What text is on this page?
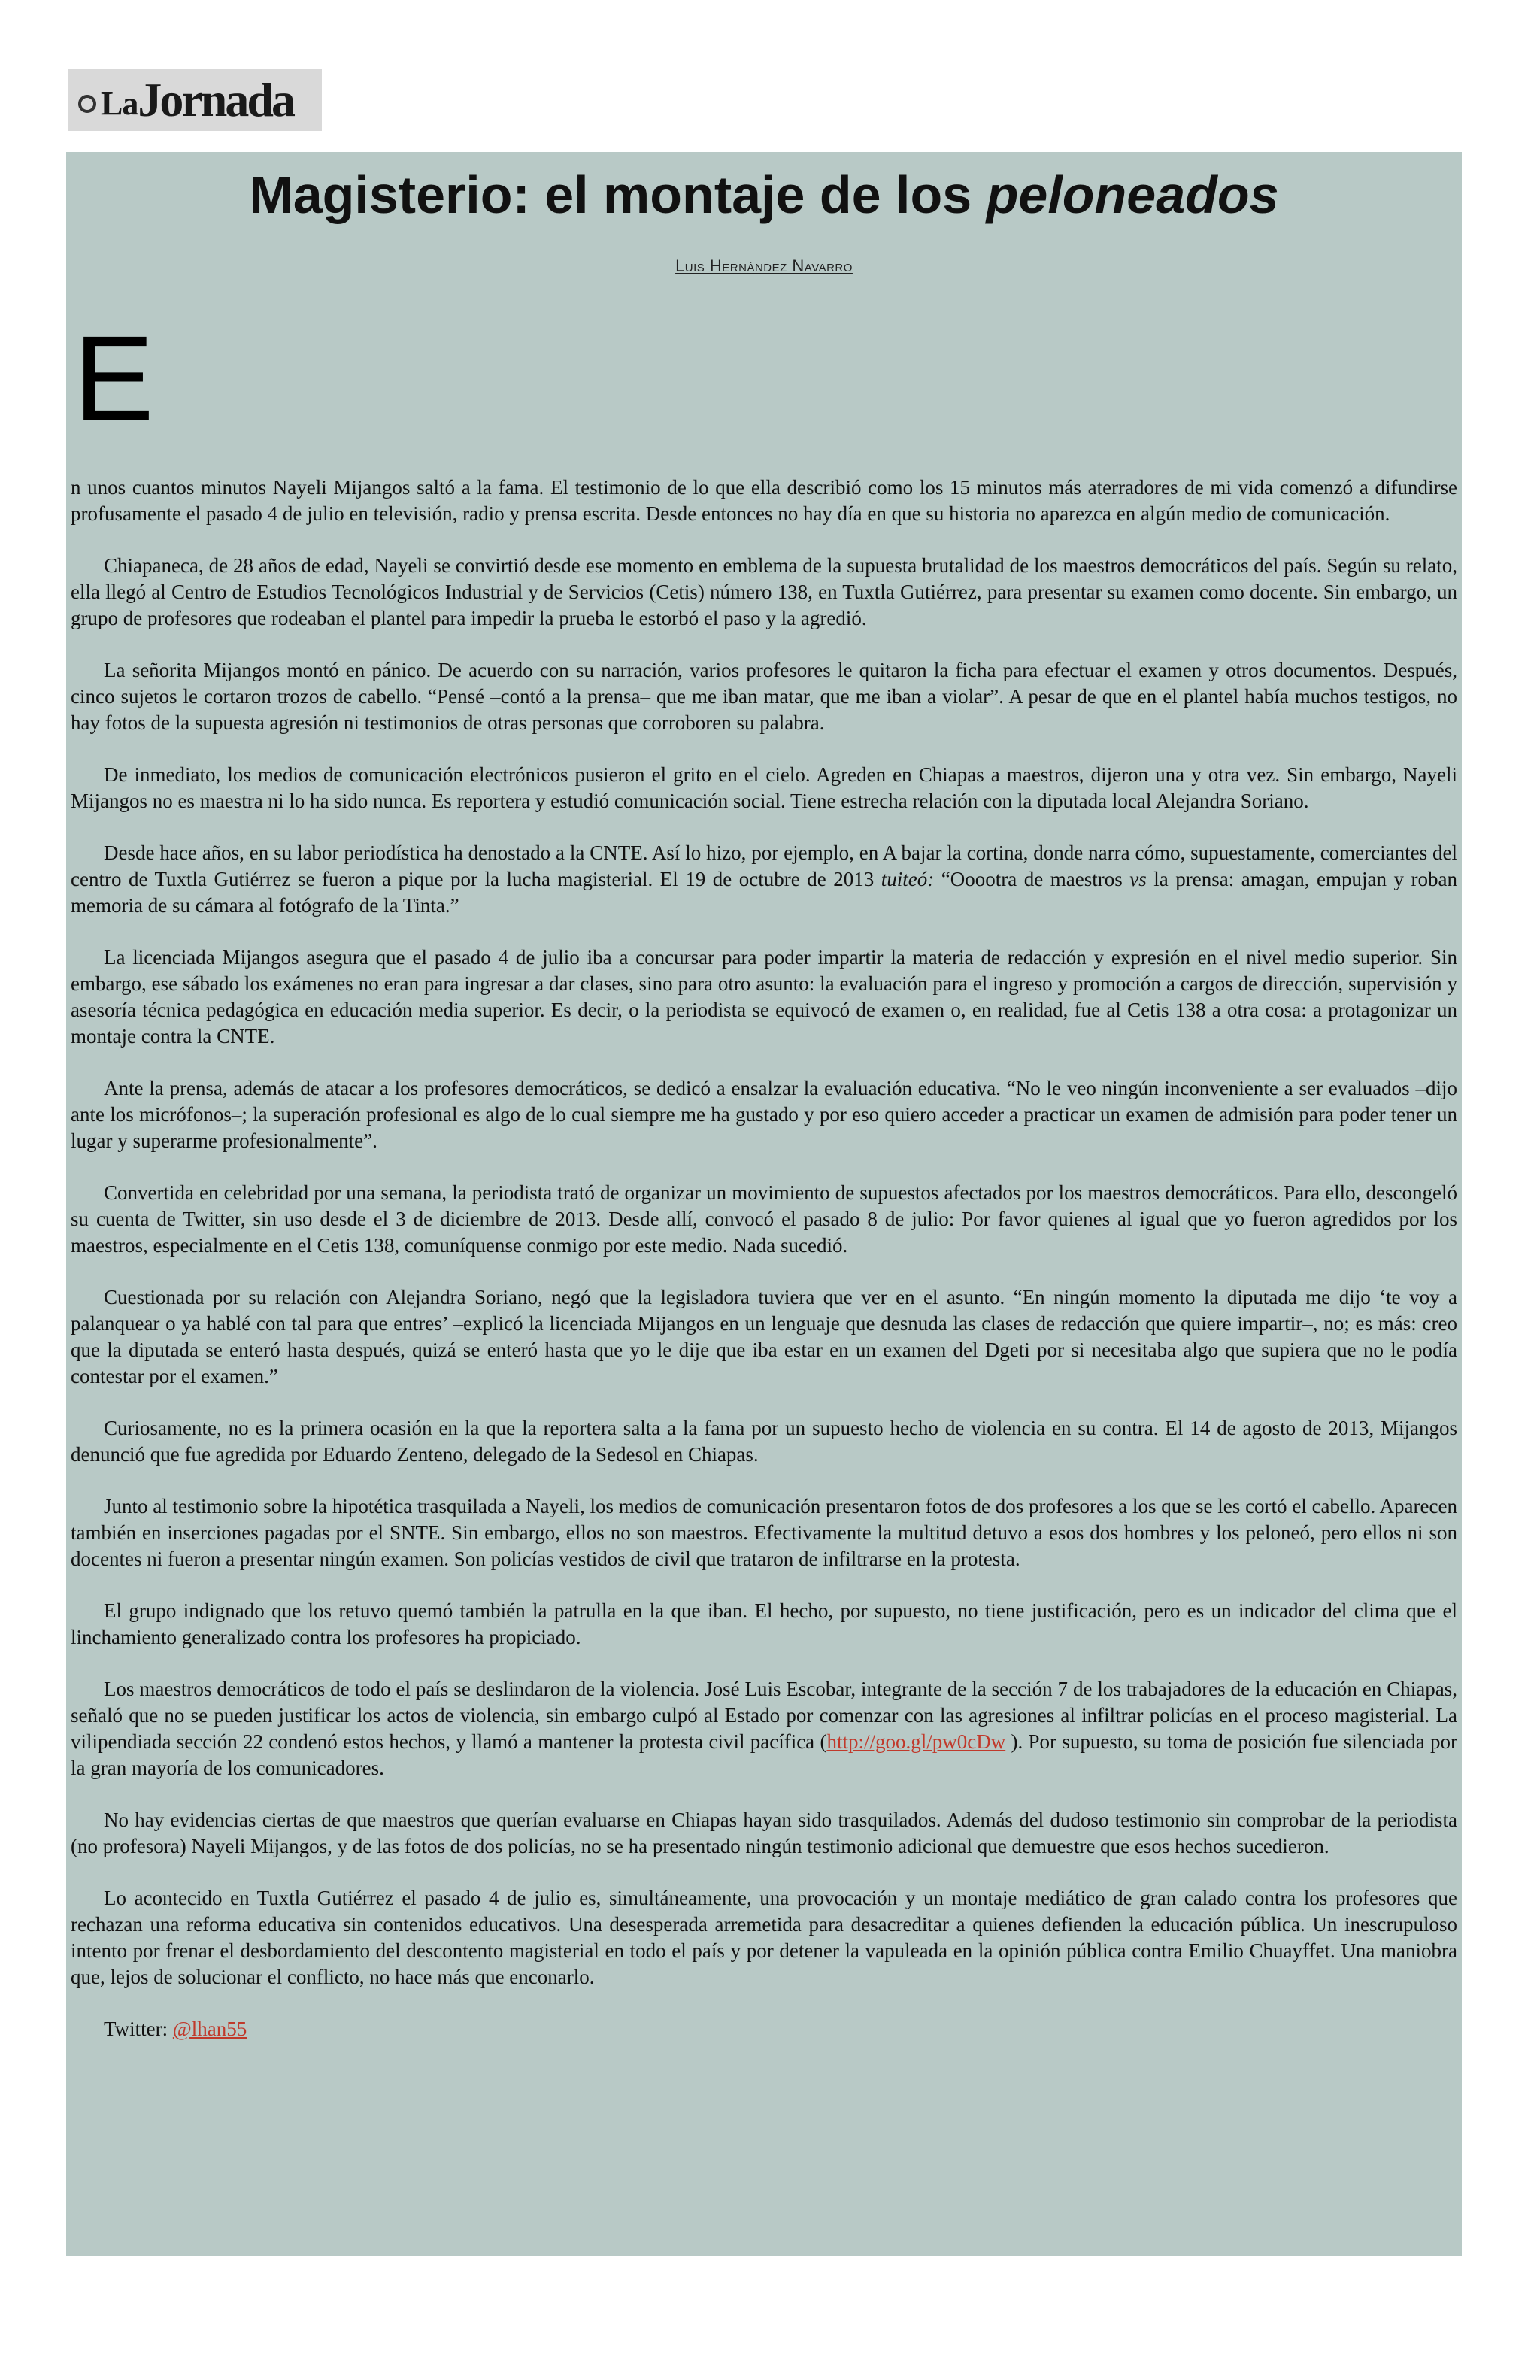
La Jornada
Magisterio: el montaje de los peloneados
Luis Hernández Navarro
E

n unos cuantos minutos Nayeli Mijangos saltó a la fama. El testimonio de lo que ella describió como los 15 minutos más aterradores de mi vida comenzó a difundirse profusamente el pasado 4 de julio en televisión, radio y prensa escrita. Desde entonces no hay día en que su historia no aparezca en algún medio de comunicación.

Chiapaneca, de 28 años de edad, Nayeli se convirtió desde ese momento en emblema de la supuesta brutalidad de los maestros democráticos del país. Según su relato, ella llegó al Centro de Estudios Tecnológicos Industrial y de Servicios (Cetis) número 138, en Tuxtla Gutiérrez, para presentar su examen como docente. Sin embargo, un grupo de profesores que rodeaban el plantel para impedir la prueba le estorbó el paso y la agredió.

La señorita Mijangos montó en pánico. De acuerdo con su narración, varios profesores le quitaron la ficha para efectuar el examen y otros documentos. Después, cinco sujetos le cortaron trozos de cabello. “Pensé –contó a la prensa– que me iban matar, que me iban a violar”. A pesar de que en el plantel había muchos testigos, no hay fotos de la supuesta agresión ni testimonios de otras personas que corroboren su palabra.

De inmediato, los medios de comunicación electrónicos pusieron el grito en el cielo. Agreden en Chiapas a maestros, dijeron una y otra vez. Sin embargo, Nayeli Mijangos no es maestra ni lo ha sido nunca. Es reportera y estudió comunicación social. Tiene estrecha relación con la diputada local Alejandra Soriano.

Desde hace años, en su labor periodística ha denostado a la CNTE. Así lo hizo, por ejemplo, en A bajar la cortina, donde narra cómo, supuestamente, comerciantes del centro de Tuxtla Gutiérrez se fueron a pique por la lucha magisterial. El 19 de octubre de 2013 tuiteó: “Ooootra de maestros vs la prensa: amagan, empujan y roban memoria de su cámara al fotógrafo de la Tinta.”

La licenciada Mijangos asegura que el pasado 4 de julio iba a concursar para poder impartir la materia de redacción y expresión en el nivel medio superior. Sin embargo, ese sábado los exámenes no eran para ingresar a dar clases, sino para otro asunto: la evaluación para el ingreso y promoción a cargos de dirección, supervisión y asesoría técnica pedagógica en educación media superior. Es decir, o la periodista se equivocó de examen o, en realidad, fue al Cetis 138 a otra cosa: a protagonizar un montaje contra la CNTE.

Ante la prensa, además de atacar a los profesores democráticos, se dedicó a ensalzar la evaluación educativa. “No le veo ningún inconveniente a ser evaluados –dijo ante los micrófonos–; la superación profesional es algo de lo cual siempre me ha gustado y por eso quiero acceder a practicar un examen de admisión para poder tener un lugar y superarme profesionalmente”.

Convertida en celebridad por una semana, la periodista trató de organizar un movimiento de supuestos afectados por los maestros democráticos. Para ello, descongeló su cuenta de Twitter, sin uso desde el 3 de diciembre de 2013. Desde allí, convocó el pasado 8 de julio: Por favor quienes al igual que yo fueron agredidos por los maestros, especialmente en el Cetis 138, comuníquense conmigo por este medio. Nada sucedió.

Cuestionada por su relación con Alejandra Soriano, negó que la legisladora tuviera que ver en el asunto. “En ningún momento la diputada me dijo ‘te voy a palanquear o ya hablé con tal para que entres’ –explicó la licenciada Mijangos en un lenguaje que desnuda las clases de redacción que quiere impartir–, no; es más: creo que la diputada se enteró hasta después, quizá se enteró hasta que yo le dije que iba estar en un examen del Dgeti por si necesitaba algo que supiera que no le podía contestar por el examen.”

Curiosamente, no es la primera ocasión en la que la reportera salta a la fama por un supuesto hecho de violencia en su contra. El 14 de agosto de 2013, Mijangos denunció que fue agredida por Eduardo Zenteno, delegado de la Sedesol en Chiapas.

Junto al testimonio sobre la hipotética trasquilada a Nayeli, los medios de comunicación presentaron fotos de dos profesores a los que se les cortó el cabello. Aparecen también en inserciones pagadas por el SNTE. Sin embargo, ellos no son maestros. Efectivamente la multitud detuvo a esos dos hombres y los peloneó, pero ellos ni son docentes ni fueron a presentar ningún examen. Son policías vestidos de civil que trataron de infiltrarse en la protesta.

El grupo indignado que los retuvo quemó también la patrulla en la que iban. El hecho, por supuesto, no tiene justificación, pero es un indicador del clima que el linchamiento generalizado contra los profesores ha propiciado.

Los maestros democráticos de todo el país se deslindaron de la violencia. José Luis Escobar, integrante de la sección 7 de los trabajadores de la educación en Chiapas, señaló que no se pueden justificar los actos de violencia, sin embargo culpó al Estado por comenzar con las agresiones al infiltrar policías en el proceso magisterial. La vilipendiada sección 22 condenó estos hechos, y llamó a mantener la protesta civil pacífica (http://goo.gl/pw0cDw ). Por supuesto, su toma de posición fue silenciada por la gran mayoría de los comunicadores.

No hay evidencias ciertas de que maestros que querían evaluarse en Chiapas hayan sido trasquilados. Además del dudoso testimonio sin comprobar de la periodista (no profesora) Nayeli Mijangos, y de las fotos de dos policías, no se ha presentado ningún testimonio adicional que demuestre que esos hechos sucedieron.

Lo acontecido en Tuxtla Gutiérrez el pasado 4 de julio es, simultáneamente, una provocación y un montaje mediático de gran calado contra los profesores que rechazan una reforma educativa sin contenidos educativos. Una desesperada arremetida para desacreditar a quienes defienden la educación pública. Un inescrupuloso intento por frenar el desbordamiento del descontento magisterial en todo el país y por detener la vapuleada en la opinión pública contra Emilio Chuayffet. Una maniobra que, lejos de solucionar el conflicto, no hace más que enconarlo.

Twitter: @lhan55
